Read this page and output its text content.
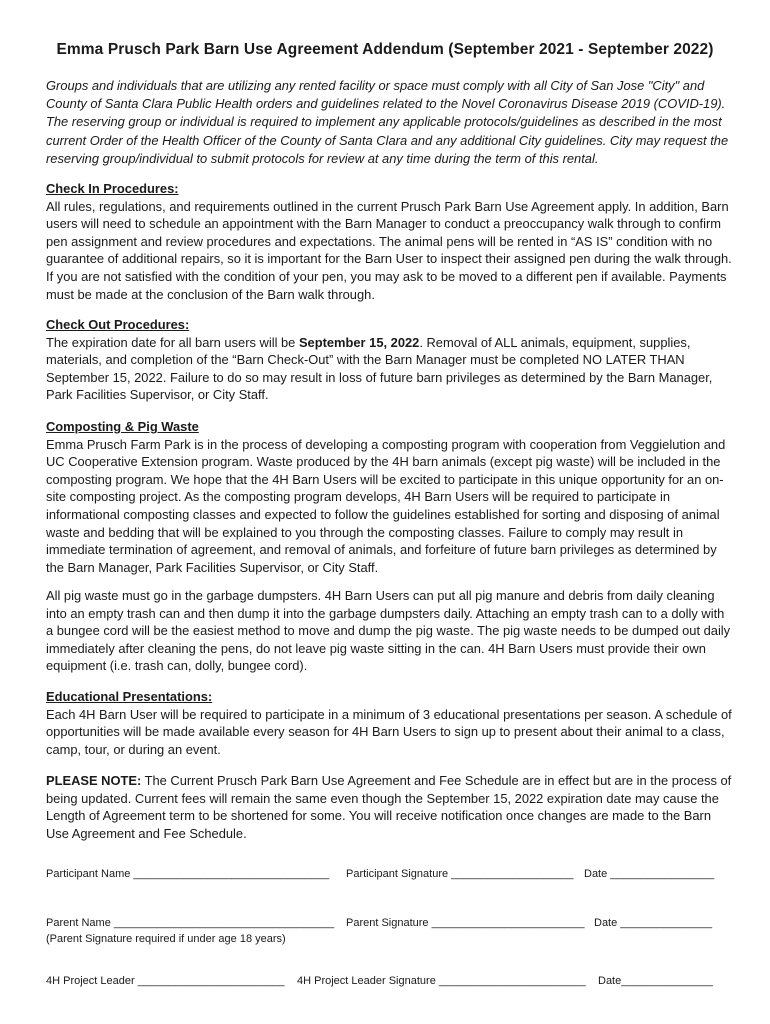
Emma Prusch Park Barn Use Agreement Addendum (September 2021 - September 2022)
Groups and individuals that are utilizing any rented facility or space must comply with all City of San Jose "City" and County of Santa Clara Public Health orders and guidelines related to the Novel Coronavirus Disease 2019 (COVID-19). The reserving group or individual is required to implement any applicable protocols/guidelines as described in the most current Order of the Health Officer of the County of Santa Clara and any additional City guidelines. City may request the reserving group/individual to submit protocols for review at any time during the term of this rental.
Check In Procedures:
All rules, regulations, and requirements outlined in the current Prusch Park Barn Use Agreement apply. In addition, Barn users will need to schedule an appointment with the Barn Manager to conduct a preoccupancy walk through to confirm pen assignment and review procedures and expectations. The animal pens will be rented in “AS IS” condition with no guarantee of additional repairs, so it is important for the Barn User to inspect their assigned pen during the walk through. If you are not satisfied with the condition of your pen, you may ask to be moved to a different pen if available. Payments must be made at the conclusion of the Barn walk through.
Check Out Procedures:
The expiration date for all barn users will be September 15, 2022. Removal of ALL animals, equipment, supplies, materials, and completion of the “Barn Check-Out” with the Barn Manager must be completed NO LATER THAN September 15, 2022. Failure to do so may result in loss of future barn privileges as determined by the Barn Manager, Park Facilities Supervisor, or City Staff.
Composting & Pig Waste
Emma Prusch Farm Park is in the process of developing a composting program with cooperation from Veggielution and UC Cooperative Extension program. Waste produced by the 4H barn animals (except pig waste) will be included in the composting program. We hope that the 4H Barn Users will be excited to participate in this unique opportunity for an on-site composting project. As the composting program develops, 4H Barn Users will be required to participate in informational composting classes and expected to follow the guidelines established for sorting and disposing of animal waste and bedding that will be explained to you through the composting classes. Failure to comply may result in immediate termination of agreement, and removal of animals, and forfeiture of future barn privileges as determined by the Barn Manager, Park Facilities Supervisor, or City Staff.
All pig waste must go in the garbage dumpsters. 4H Barn Users can put all pig manure and debris from daily cleaning into an empty trash can and then dump it into the garbage dumpsters daily. Attaching an empty trash can to a dolly with a bungee cord will be the easiest method to move and dump the pig waste. The pig waste needs to be dumped out daily immediately after cleaning the pens, do not leave pig waste sitting in the can. 4H Barn Users must provide their own equipment (i.e. trash can, dolly, bungee cord).
Educational Presentations:
Each 4H Barn User will be required to participate in a minimum of 3 educational presentations per season. A schedule of opportunities will be made available every season for 4H Barn Users to sign up to present about their animal to a class, camp, tour, or during an event.
PLEASE NOTE: The Current Prusch Park Barn Use Agreement and Fee Schedule are in effect but are in the process of being updated. Current fees will remain the same even though the September 15, 2022 expiration date may cause the Length of Agreement term to be shortened for some. You will receive notification once changes are made to the Barn Use Agreement and Fee Schedule.
Participant Name ________________________________ Participant Signature ____________________ Date _________________
Parent Name ____________________________________ Parent Signature _________________________ Date _______________
(Parent Signature required if under age 18 years)
4H Project Leader ________________________ 4H Project Leader Signature ________________________ Date_______________
